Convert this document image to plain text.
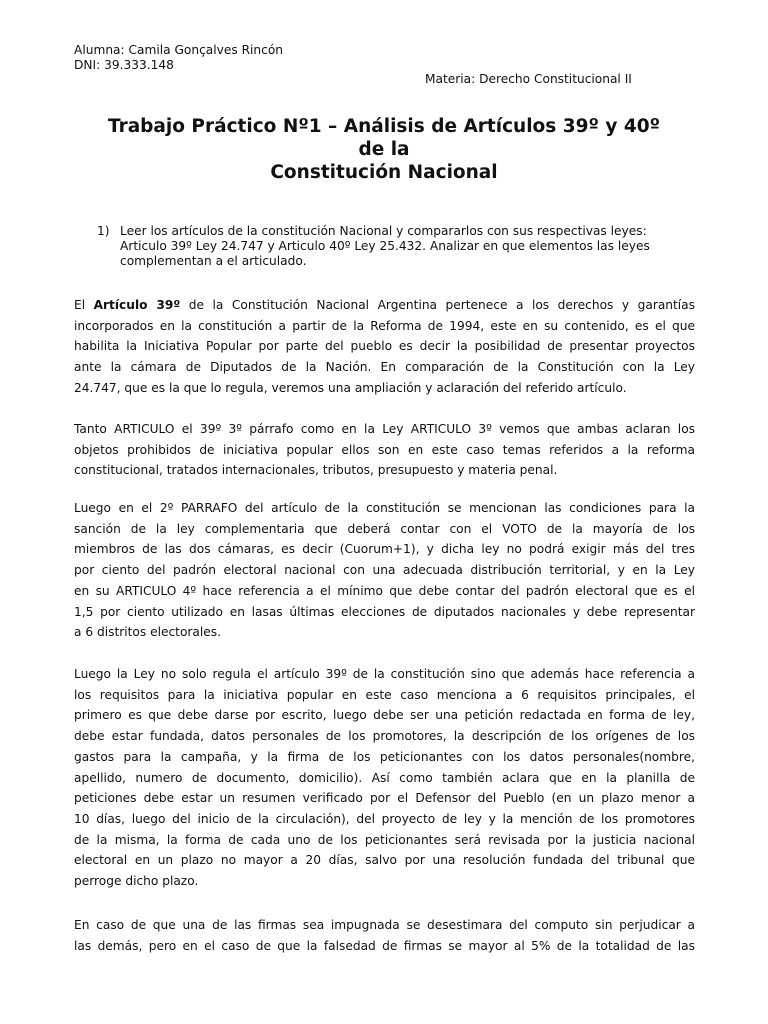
Alumna: Camila Gonçalves Rincón
DNI: 39.333.148
Materia: Derecho Constitucional II
Trabajo Práctico Nº1 – Análisis de Artículos 39º y 40º
de la
Constitución Nacional
1) Leer los artículos de la constitución Nacional y compararlos con sus respectivas leyes:
Articulo 39º Ley 24.747 y Articulo 40º Ley 25.432. Analizar en que elementos las leyes
complementan a el articulado.
El Artículo 39º de la Constitución Nacional Argentina pertenece a los derechos y garantías
incorporados en la constitución a partir de la Reforma de 1994, este en su contenido, es el que
habilita la Iniciativa Popular por parte del pueblo es decir la posibilidad de presentar proyectos
ante la cámara de Diputados de la Nación. En comparación de la Constitución con la Ley
24.747, que es la que lo regula, veremos una ampliación y aclaración del referido artículo.
Tanto ARTICULO el 39º 3º párrafo como en la Ley ARTICULO 3º vemos que ambas aclaran los
objetos prohibidos de iniciativa popular ellos son en este caso temas referidos a la reforma
constitucional, tratados internacionales, tributos, presupuesto y materia penal.
Luego en el 2º PARRAFO del artículo de la constitución se mencionan las condiciones para la
sanción de la ley complementaria que deberá contar con el VOTO de la mayoría de los
miembros de las dos cámaras, es decir (Cuorum+1), y dicha ley no podrá exigir más del tres
por ciento del padrón electoral nacional con una adecuada distribución territorial, y en la Ley
en su ARTICULO 4º hace referencia a el mínimo que debe contar del padrón electoral que es el
1,5 por ciento utilizado en lasas últimas elecciones de diputados nacionales y debe representar
a 6 distritos electorales.
Luego la Ley no solo regula el artículo 39º de la constitución sino que además hace referencia a
los requisitos para la iniciativa popular en este caso menciona a 6 requisitos principales, el
primero es que debe darse por escrito, luego debe ser una petición redactada en forma de ley,
debe estar fundada, datos personales de los promotores, la descripción de los orígenes de los
gastos para la campaña, y la firma de los peticionantes con los datos personales(nombre,
apellido, numero de documento, domicilio). Así como también aclara que en la planilla de
peticiones debe estar un resumen verificado por el Defensor del Pueblo (en un plazo menor a
10 días, luego del inicio de la circulación), del proyecto de ley y la mención de los promotores
de la misma, la forma de cada uno de los peticionantes será revisada por la justicia nacional
electoral en un plazo no mayor a 20 días, salvo por una resolución fundada del tribunal que
perroge dicho plazo.
En caso de que una de las firmas sea impugnada se desestimara del computo sin perjudicar a
las demás, pero en el caso de que la falsedad de firmas se mayor al 5% de la totalidad de las
